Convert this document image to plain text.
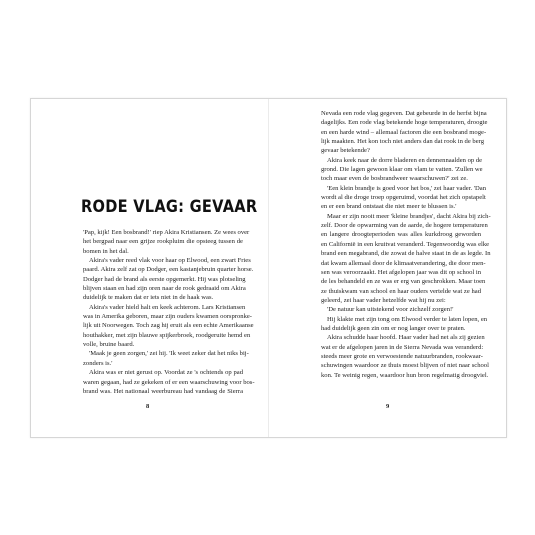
RODE VLAG: GEVAAR
'Pap, kijk! Een bosbrand!' riep Akira Kristiansen. Ze wees over
het bergpad naar een grijze rookpluim die opsteeg tussen de
bomen in het dal.
Akira's vader reed vlak voor haar op Elwood, een zwart Fries
paard. Akira zelf zat op Dodger, een kastanjebruin quarter horse.
Dodger had de brand als eerste opgemerkt. Hij was plotseling
blijven staan en had zijn oren naar de rook gedraaid om Akira
duidelijk te maken dat er iets niet in de haak was.
Akira's vader hield halt en keek achterom. Lars Kristiansen
was in Amerika geboren, maar zijn ouders kwamen oorspronke-
lijk uit Noorwegen. Toch zag hij eruit als een echte Amerikaanse
houthakker, met zijn blauwe spijkerbroek, roodgeruite hemd en
volle, bruine baard.
'Maak je geen zorgen,' zei hij. 'Ik weet zeker dat het niks bij-
zonders is.'
Akira was er niet gerust op. Voordat ze 's ochtends op pad
waren gegaan, had ze gekeken of er een waarschuwing voor bos-
brand was. Het nationaal weerbureau had vandaag de Sierra
8
Nevada een rode vlag gegeven. Dat gebeurde in de herfst bijna
dagelijks. Een rode vlag betekende hoge temperaturen, droogte
en een harde wind – allemaal factoren die een bosbrand moge-
lijk maakten. Het kon toch niet anders dan dat rook in de berg
gevaar betekende?
Akira keek naar de dorre bladeren en dennennaalden op de
grond. Die lagen gewoon klaar om vlam te vatten. 'Zullen we
toch maar even de bosbrandweer waarschuwen?' zei ze.
'Een klein brandje is goed voor het bos,' zei haar vader. 'Dan
wordt al die droge troep opgeruimd, voordat het zich opstapelt
en er een brand ontstaat die niet meer te blussen is.'
Maar er zijn nooit meer 'kleine brandjes', dacht Akira bij zich-
zelf. Door de opwarming van de aarde, de hogere temperaturen
en langere droogteperioden was alles kurkdroog geworden
en Californië in een kruitvat veranderd. Tegenwoordig was elke
brand een megabrand, die zowat de halve staat in de as legde. In
dat kwam allemaal door de klimaatverandering, die door men-
sen was veroorzaakt. Het afgelopen jaar was dit op school in
de les behandeld en ze was er erg van geschrokken. Maar toen
ze thuiskwam van school en haar ouders vertelde wat ze had
geleerd, zei haar vader hetzelfde wat hij nu zei:
'De natuur kan uitstekend voor zichzelf zorgen!'
Hij klakte met zijn tong om Elwood verder te laten lopen, en
had duidelijk geen zin om er nog langer over te praten.
Akira schudde haar hoofd. Haar vader had net als zij gezien
wat er de afgelopen jaren in de Sierra Nevada was veranderd:
steeds meer grote en verwoestende natuurbranden, rookwaar-
schuwingen waardoor ze thuis moest blijven of niet naar school
kon. Te weinig regen, waardoor hun bron regelmatig droogviel.
9
